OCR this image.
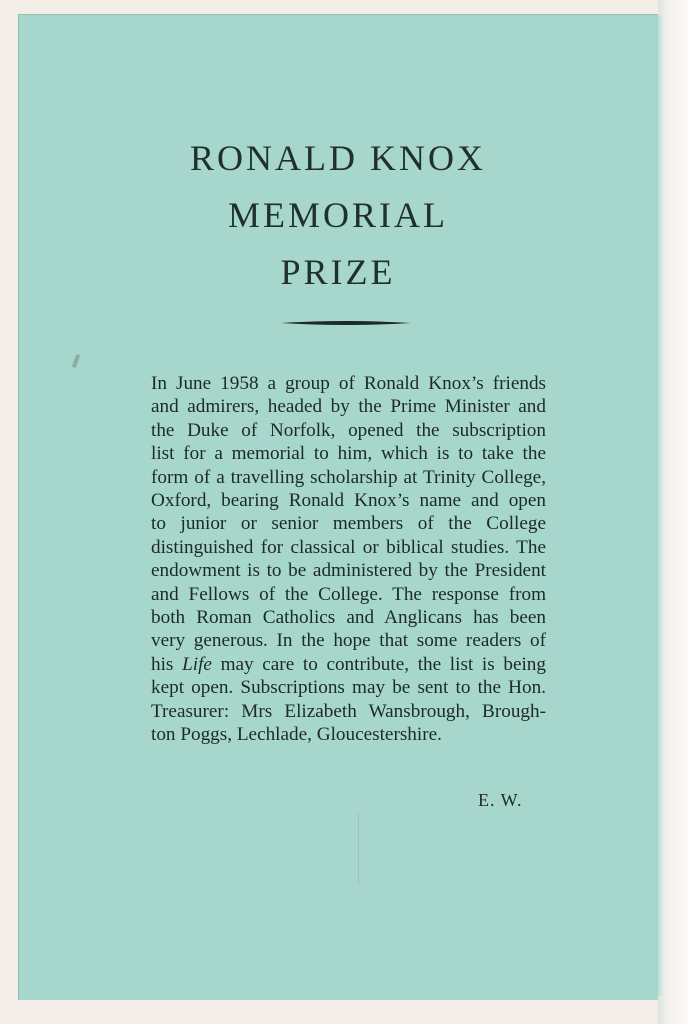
RONALD KNOX
MEMORIAL
PRIZE
In June 1958 a group of Ronald Knox’s friends
and admirers, headed by the Prime Minister and
the Duke of Norfolk, opened the subscription
list for a memorial to him, which is to take the
form of a travelling scholarship at Trinity College,
Oxford, bearing Ronald Knox’s name and open
to junior or senior members of the College
distinguished for classical or biblical studies. The
endowment is to be administered by the President
and Fellows of the College. The response from
both Roman Catholics and Anglicans has been
very generous. In the hope that some readers of
his Life may care to contribute, the list is being
kept open. Subscriptions may be sent to the Hon.
Treasurer: Mrs Elizabeth Wansbrough, Brough-
ton Poggs, Lechlade, Gloucestershire.
E. W.
